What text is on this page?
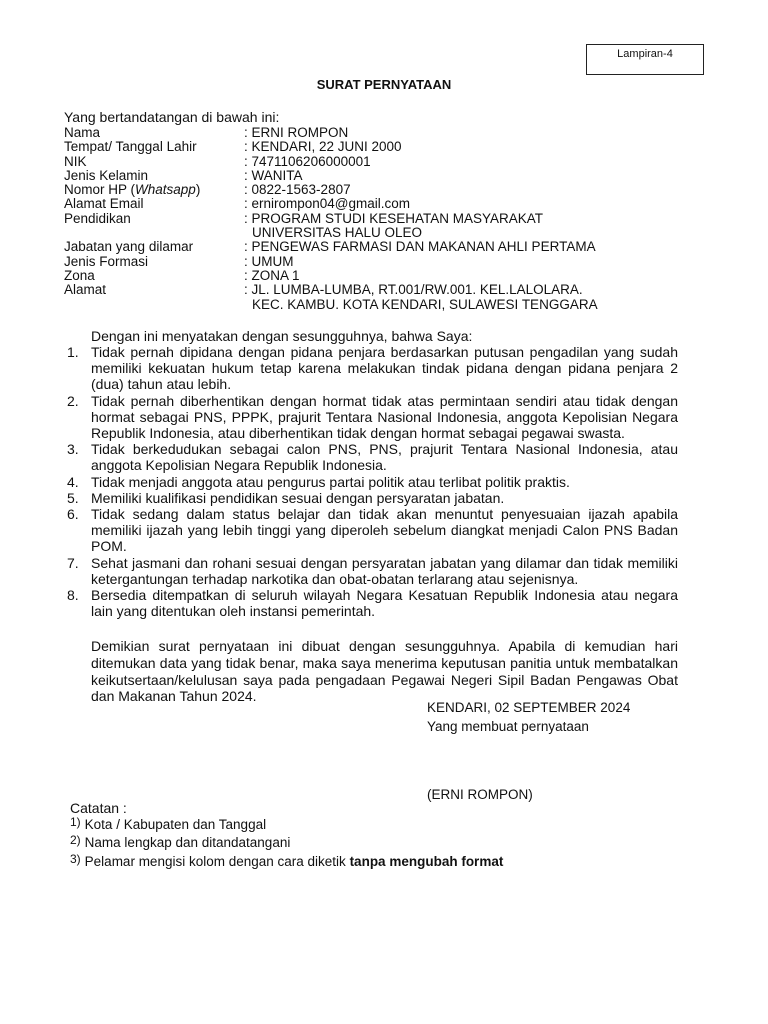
Lampiran-4
SURAT PERNYATAAN
Yang bertandatangan di bawah ini:
Nama	: ERNI ROMPON
Tempat/ Tanggal Lahir	: KENDARI, 22 JUNI 2000
NIK	: 7471106206000001
Jenis Kelamin	: WANITA
Nomor HP (Whatsapp)	: 0822-1563-2807
Alamat Email	: ernirompon04@gmail.com
Pendidikan	: PROGRAM STUDI KESEHATAN MASYARAKAT
UNIVERSITAS HALU OLEO
Jabatan yang dilamar	: PENGEWAS FARMASI DAN MAKANAN AHLI PERTAMA
Jenis Formasi	: UMUM
Zona	: ZONA 1
Alamat	: JL. LUMBA-LUMBA, RT.001/RW.001. KEL.LALOLARA.
KEC. KAMBU. KOTA KENDARI, SULAWESI TENGGARA
Dengan ini menyatakan dengan sesungguhnya, bahwa Saya:
1. Tidak pernah dipidana dengan pidana penjara berdasarkan putusan pengadilan yang sudah memiliki kekuatan hukum tetap karena melakukan tindak pidana dengan pidana penjara 2 (dua) tahun atau lebih.
2. Tidak pernah diberhentikan dengan hormat tidak atas permintaan sendiri atau tidak dengan hormat sebagai PNS, PPPK, prajurit Tentara Nasional Indonesia, anggota Kepolisian Negara Republik Indonesia, atau diberhentikan tidak dengan hormat sebagai pegawai swasta.
3. Tidak berkedudukan sebagai calon PNS, PNS, prajurit Tentara Nasional Indonesia, atau anggota Kepolisian Negara Republik Indonesia.
4. Tidak menjadi anggota atau pengurus partai politik atau terlibat politik praktis.
5. Memiliki kualifikasi pendidikan sesuai dengan persyaratan jabatan.
6. Tidak sedang dalam status belajar dan tidak akan menuntut penyesuaian ijazah apabila memiliki ijazah yang lebih tinggi yang diperoleh sebelum diangkat menjadi Calon PNS Badan POM.
7. Sehat jasmani dan rohani sesuai dengan persyaratan jabatan yang dilamar dan tidak memiliki ketergantungan terhadap narkotika dan obat-obatan terlarang atau sejenisnya.
8. Bersedia ditempatkan di seluruh wilayah Negara Kesatuan Republik Indonesia atau negara lain yang ditentukan oleh instansi pemerintah.
Demikian surat pernyataan ini dibuat dengan sesungguhnya. Apabila di kemudian hari ditemukan data yang tidak benar, maka saya menerima keputusan panitia untuk membatalkan keikutsertaan/kelulusan saya pada pengadaan Pegawai Negeri Sipil Badan Pengawas Obat dan Makanan Tahun 2024.
KENDARI, 02 SEPTEMBER 2024
Yang membuat pernyataan
(ERNI ROMPON)
Catatan :
$^{1)}$ Kota / Kabupaten dan Tanggal
$^{2)}$ Nama lengkap dan ditandatangani
$^{3)}$ Pelamar mengisi kolom dengan cara diketik tanpa mengubah format
